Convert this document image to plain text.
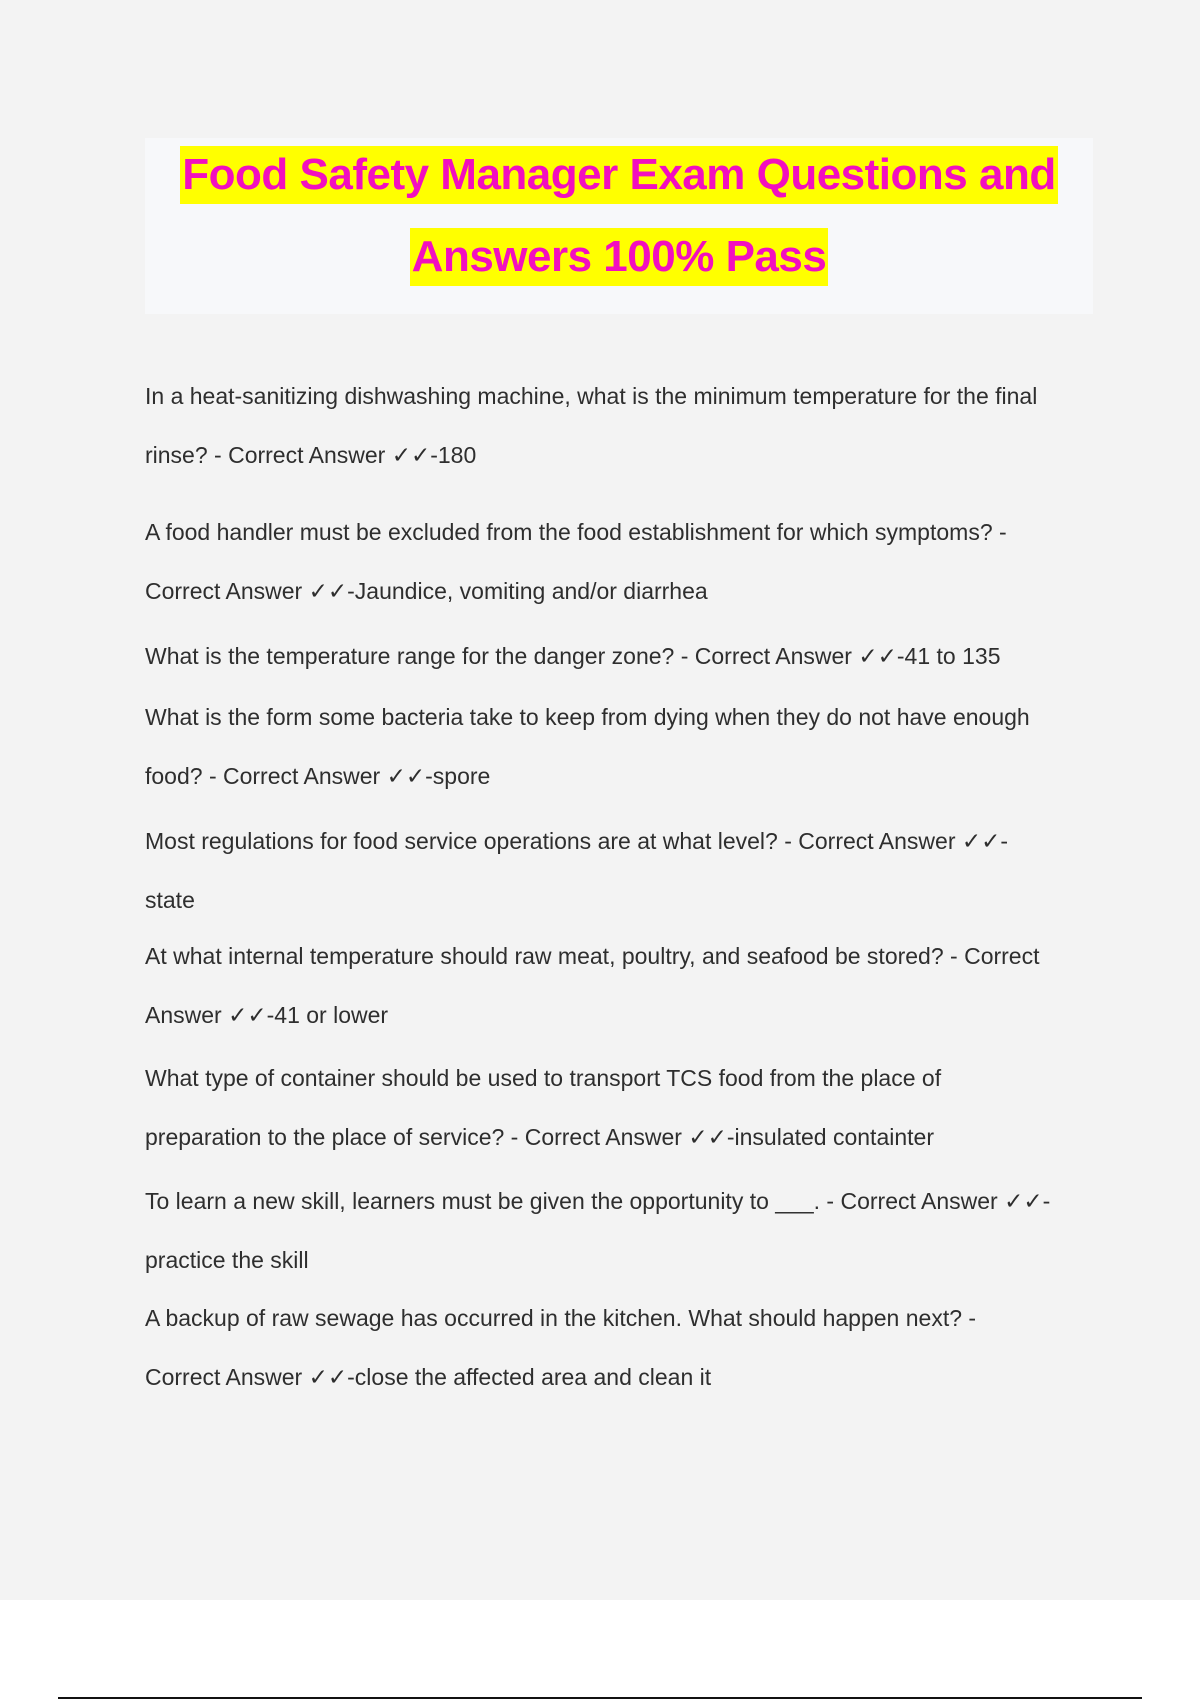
Food Safety Manager Exam Questions and
Answers 100% Pass
In a heat-sanitizing dishwashing machine, what is the minimum temperature for the final
rinse? - Correct Answer ✓✓-180
A food handler must be excluded from the food establishment for which symptoms? -
Correct Answer ✓✓-Jaundice, vomiting and/or diarrhea
What is the temperature range for the danger zone? - Correct Answer ✓✓-41 to 135
What is the form some bacteria take to keep from dying when they do not have enough
food? - Correct Answer ✓✓-spore
Most regulations for food service operations are at what level? - Correct Answer ✓✓-
state
At what internal temperature should raw meat, poultry, and seafood be stored? - Correct
Answer ✓✓-41 or lower
What type of container should be used to transport TCS food from the place of
preparation to the place of service? - Correct Answer ✓✓-insulated containter
To learn a new skill, learners must be given the opportunity to ___. - Correct Answer ✓✓-
practice the skill
A backup of raw sewage has occurred in the kitchen. What should happen next? -
Correct Answer ✓✓-close the affected area and clean it
